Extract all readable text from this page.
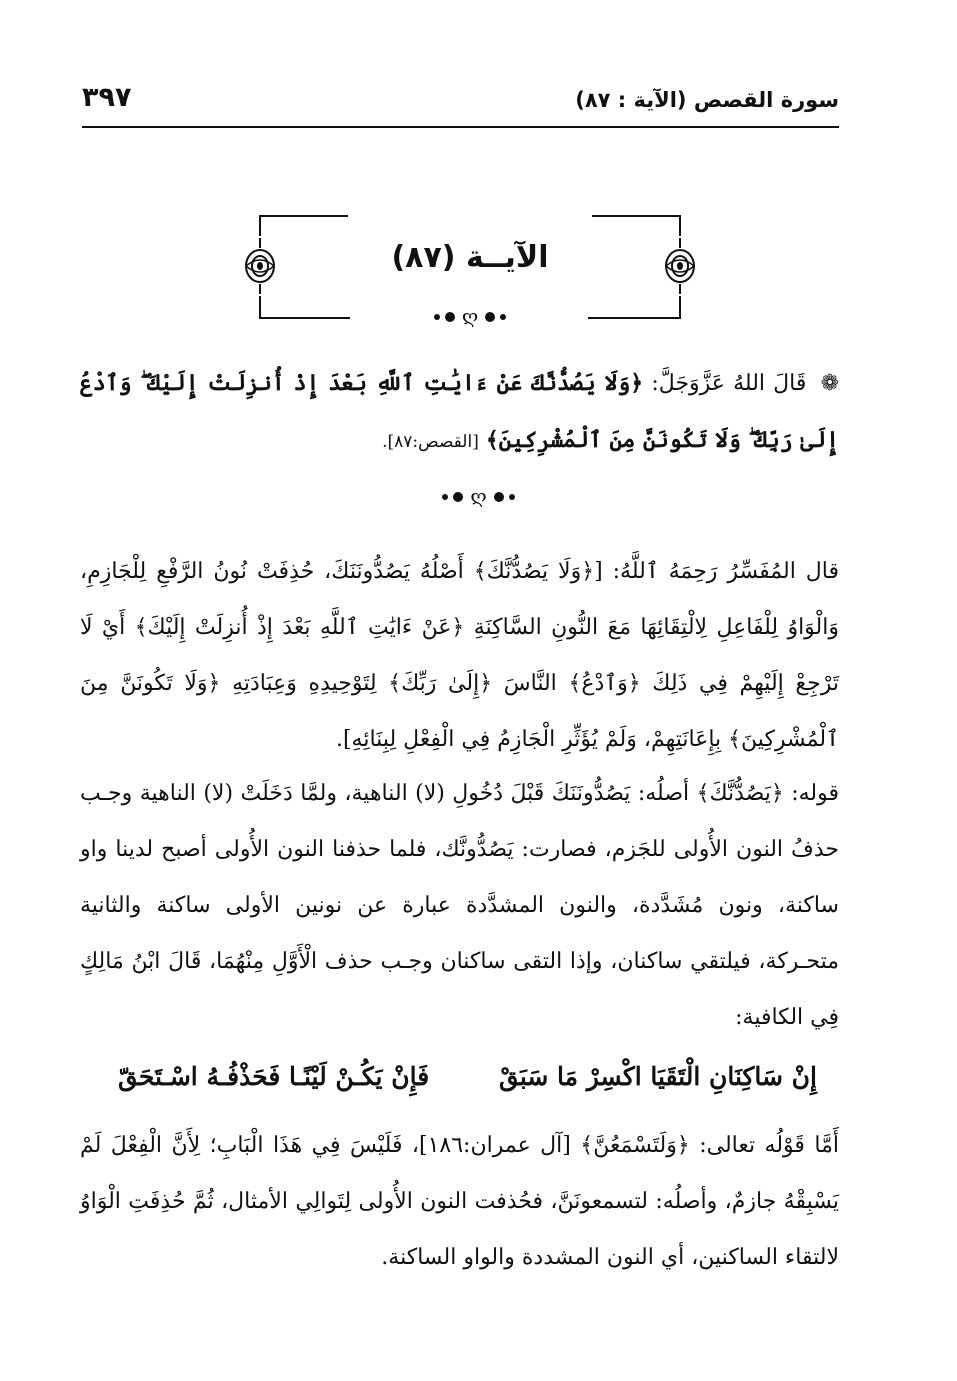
سورة القصص (الآية : ٨٧)
٣٩٧
الآيــة (٨٧)
ღ
❁ قَالَ اللهُ عَزَّوَجَلَّ: ﴿وَلَا يَصُدُّنَّكَ عَنْ ءَايَٰتِ ٱللَّهِ بَعْدَ إِذْ أُنزِلَتْ إِلَيْكَ ۖ وَٱدْعُ إِلَىٰ رَبِّكَ ۖ وَلَا تَكُونَنَّ مِنَ ٱلْمُشْرِكِينَ﴾ [القصص:٨٧].
ღ
قال المُفَسِّرُ رَحِمَهُ ٱللَّهُ: [﴿وَلَا يَصُدُّنَّكَ﴾ أَصْلُهُ يَصُدُّونَنَكَ، حُذِفَتْ نُونُ الرَّفْعِ لِلْجَازِمِ، وَالْوَاوُ لِلْفَاعِلِ لِالْتِقَائِهَا مَعَ النُّونِ السَّاكِنَةِ ﴿عَنْ ءَايَٰتِ ٱللَّهِ بَعْدَ إِذْ أُنزِلَتْ إِلَيْكَ﴾ أَيْ لَا تَرْجِعْ إِلَيْهِمْ فِي ذَلِكَ ﴿وَٱدْعُ﴾ النَّاسَ ﴿إِلَىٰ رَبِّكَ﴾ لِتَوْحِيدِهِ وَعِبَادَتِهِ ﴿وَلَا تَكُونَنَّ مِنَ ٱلْمُشْرِكِينَ﴾ بِإِعَانَتِهِمْ، وَلَمْ يُؤَثِّرِ الْجَازِمُ فِي الْفِعْلِ لِبِنَائِهِ].
قوله: ﴿يَصُدُّنَّكَ﴾ أصلُه: يَصُدُّونَنَكَ قَبْلَ دُخُولِ (لا) الناهية، ولمَّا دَخَلَتْ (لا) الناهية وجـب حذفُ النون الأُولى للجَزم، فصارت: يَصُدُّونَّك، فلما حذفنا النون الأُولى أصبح لدينا واو ساكنة، ونون مُشَدَّدة، والنون المشدَّدة عبارة عن نونين الأولى ساكنة والثانية متحـركة، فيلتقي ساكنان، وإذا التقى ساكنان وجـب حذف الْأَوَّلِ مِنْهُمَا، قَالَ ابْنُ مَالِكٍ فِي الكافية:
إِنْ سَاكِنَانِ الْتَقَيَا اكْسِرْ مَا سَبَقْ
فَإِنْ يَكُـنْ لَيْنًـا فَحَذْفُـهُ اسْـتَحَقّ
أَمَّا قَوْلُه تعالى: ﴿وَلَتَسْمَعُنَّ﴾ [آل عمران:١٨٦]، فَلَيْسَ فِي هَذَا الْبَابِ؛ لِأَنَّ الْفِعْلَ لَمْ يَسْبِقْهُ جازمٌ، وأصلُه: لتسمعونَنَّ، فحُذفت النون الأُولى لِتَوالِي الأمثال، ثُمَّ حُذِفَتِ الْوَاوُ لالتقاء الساكنين، أي النون المشددة والواو الساكنة.
